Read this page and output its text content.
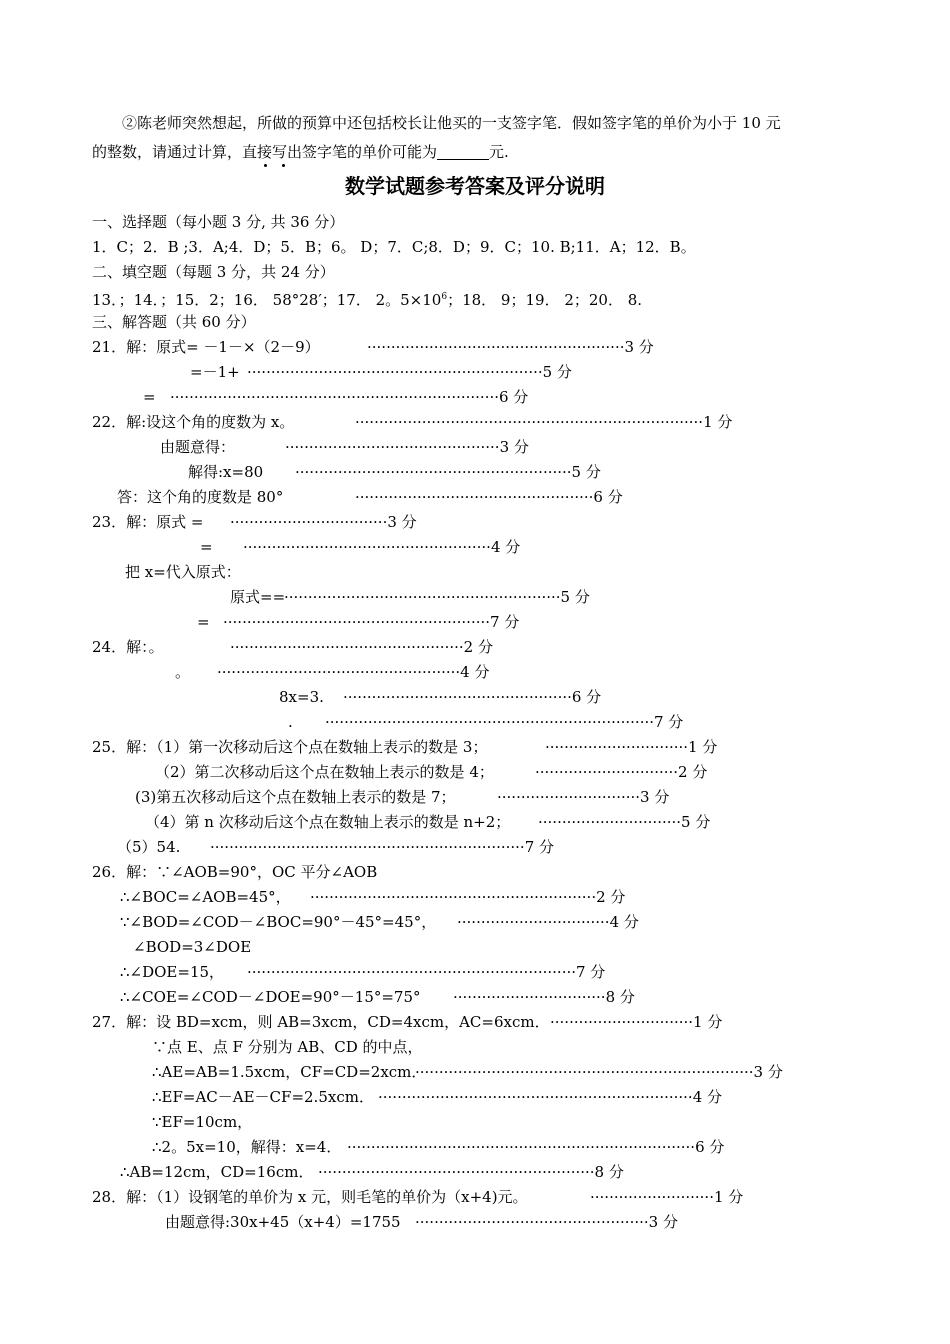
②陈老师突然想起，所做的预算中还包括校长让他买的一支签字笔．假如签字笔的单价为小于 10 元
的整数，请通过计算，直接写出签字笔的单价可能为	元.
数学试题参考答案及评分说明
一、选择题（每小题 3 分, 共 36 分）
1．C；2．B ;3．A;4．D；5．B；6。 D；7．C;8．D；9．C；10. B;11．A；12．B。
二、填空题（每题 3 分，共 24 分）
13．；14．；15．2；16． 58°28′；17． 2。$5\times 10^6$；18． 9；19． 2；20． 8.
三、解答题（共 60 分）
21．解：原式= －1－×（2－9）	······················································3 分
=－1+ ······························································5 分
= ·····································································6 分
22．解:设这个角的度数为 x。	·········································································1 分
由题意得：	·············································3 分
解得:x=80 ··························································5 分
答：这个角的度数是 80°	··················································6 分
23．解：原式 = ·································3 分
= ····················································4 分
把 x=代入原式：
原式==
··························································5 分
= ························································7 分
24．解：。	·················································2 分
。 ···················································4 分
8x=3. ················································6 分
. ·····································································7 分
25．解：（1）第一次移动后这个点在数轴上表示的数是 3；	······························1 分
（2）第二次移动后这个点在数轴上表示的数是 4；	······························2 分
(3)第五次移动后这个点在数轴上表示的数是 7；	······························3 分
（4）第 n 次移动后这个点在数轴上表示的数是 n+2； ······························5 分
（5）54. ··································································7 分
26．解：∵∠AOB=90°，OC 平分∠AOB
∴∠BOC=∠AOB=45°， ····························································2 分
∵∠BOD=∠COD－∠BOC=90°－45°=45°， ································4 分
∠BOD=3∠DOE
∴∠DOE=15， ·····································································7 分
∴∠COE=∠COD－∠DOE=90°－15°=75° ································8 分
27．解：设 BD=xcm，则 AB=3xcm，CD=4xcm，AC=6xcm． ······························1 分
∵点 E、点 F 分别为 AB、CD 的中点，
∴AE=AB=1.5xcm，CF=CD=2xcm．
·······································································3 分
∴EF=AC－AE－CF=2.5xcm． ··································································4 分
∵EF=10cm，
∴2。5x=10，解得：x=4． ·········································································6 分
∴AB=12cm，CD=16cm． ··························································8 分
28．解：（1）设钢笔的单价为 x 元，则毛笔的单价为（x+4)元。	··························1 分
由题意得:30x+45（x+4）=1755 ·················································3 分
